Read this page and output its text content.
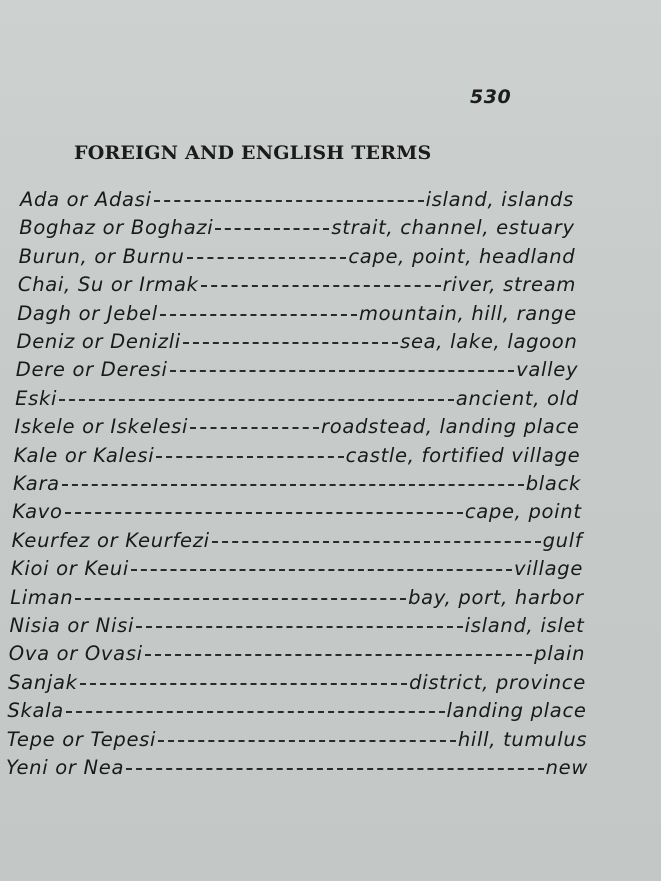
530
FOREIGN AND ENGLISH TERMS
Ada or Adasi	island, islands
Boghaz or Boghazi	strait, channel, estuary
Burun, or Burnu	cape, point, headland
Chai, Su or Irmak	river, stream
Dagh or Jebel	mountain, hill, range
Deniz or Denizli	sea, lake, lagoon
Dere or Deresi	valley
Eski	ancient, old
Iskele or Iskelesi	roadstead, landing place
Kale or Kalesi	castle, fortified village
Kara	black
Kavo	cape, point
Keurfez or Keurfezi	gulf
Kioi or Keui	village
Liman	bay, port, harbor
Nisia or Nisi	island, islet
Ova or Ovasi	plain
Sanjak	district, province
Skala	landing place
Tepe or Tepesi	hill, tumulus
Yeni or Nea	new
